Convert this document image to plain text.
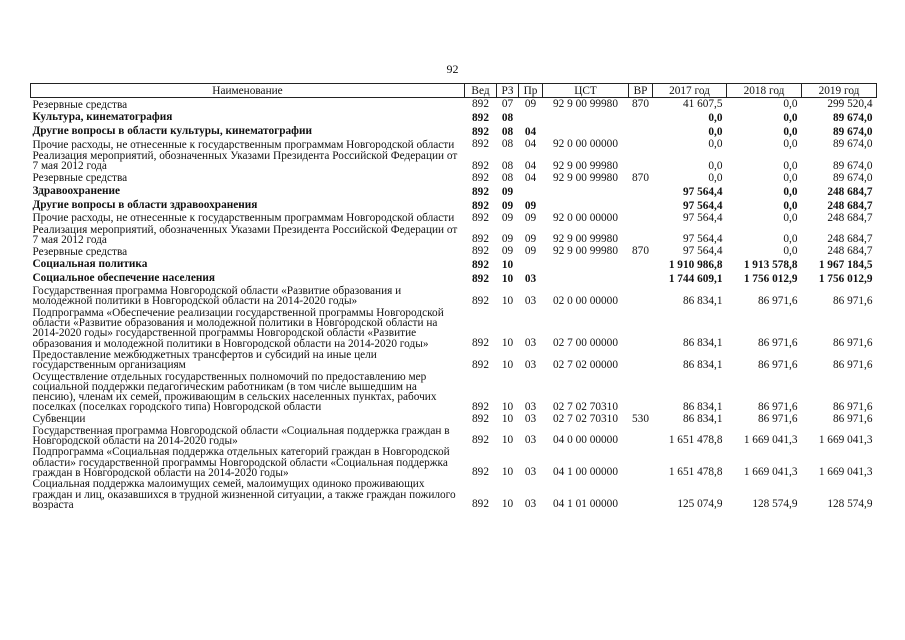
92
Наименование	Вед	РЗ	Пр	ЦСТ	ВР	2017 год	2018 год	2019 год
Резервные средства	892	07	09	92 9 00 99980	870	41 607,5	0,0	299 520,4
Культура, кинематография	892	08				0,0	0,0	89 674,0
Другие вопросы в области культуры, кинематографии	892	08	04			0,0	0,0	89 674,0
Прочие расходы, не отнесенные к государственным программам Новгородской области	892	08	04	92 0 00 00000		0,0	0,0	89 674,0
Реализация мероприятий, обозначенных Указами Президента Российской Федерации от 7 мая 2012 года	892	08	04	92 9 00 99980		0,0	0,0	89 674,0
Резервные средства	892	08	04	92 9 00 99980	870	0,0	0,0	89 674,0
Здравоохранение	892	09				97 564,4	0,0	248 684,7
Другие вопросы в области здравоохранения	892	09	09			97 564,4	0,0	248 684,7
Прочие расходы, не отнесенные к государственным программам Новгородской области	892	09	09	92 0 00 00000		97 564,4	0,0	248 684,7
Реализация мероприятий, обозначенных Указами Президента Российской Федерации от 7 мая 2012 года	892	09	09	92 9 00 99980		97 564,4	0,0	248 684,7
Резервные средства	892	09	09	92 9 00 99980	870	97 564,4	0,0	248 684,7
Социальная политика	892	10				1 910 986,8	1 913 578,8	1 967 184,5
Социальное обеспечение населения	892	10	03			1 744 609,1	1 756 012,9	1 756 012,9
Государственная программа Новгородской области «Развитие образования и молодежной политики в Новгородской области на 2014-2020 годы»	892	10	03	02 0 00 00000		86 834,1	86 971,6	86 971,6
Подпрограмма «Обеспечение реализации государственной программы Новгородской области «Развитие образования и молодежной политики в Новгородской области на 2014-2020 годы» государственной программы Новгородской области «Развитие образования и молодежной политики в Новгородской области на 2014-2020 годы»	892	10	03	02 7 00 00000		86 834,1	86 971,6	86 971,6
Предоставление межбюджетных трансфертов и субсидий на иные цели государственным организациям	892	10	03	02 7 02 00000		86 834,1	86 971,6	86 971,6
Осуществление отдельных государственных полномочий по предоставлению мер социальной поддержки педагогическим работникам (в том числе вышедшим на пенсию), членам их семей, проживающим в сельских населенных пунктах, рабочих поселках (поселках городского типа) Новгородской области	892	10	03	02 7 02 70310		86 834,1	86 971,6	86 971,6
Субвенции	892	10	03	02 7 02 70310	530	86 834,1	86 971,6	86 971,6
Государственная программа Новгородской области «Социальная поддержка граждан в Новгородской области на 2014-2020 годы»	892	10	03	04 0 00 00000		1 651 478,8	1 669 041,3	1 669 041,3
Подпрограмма «Социальная поддержка отдельных категорий граждан в Новгородской области» государственной программы Новгородской области «Социальная поддержка граждан в Новгородской области на 2014-2020 годы»	892	10	03	04 1 00 00000		1 651 478,8	1 669 041,3	1 669 041,3
Социальная поддержка малоимущих семей, малоимущих одиноко проживающих граждан и лиц, оказавшихся в трудной жизненной ситуации, а также граждан пожилого возраста	892	10	03	04 1 01 00000		125 074,9	128 574,9	128 574,9
